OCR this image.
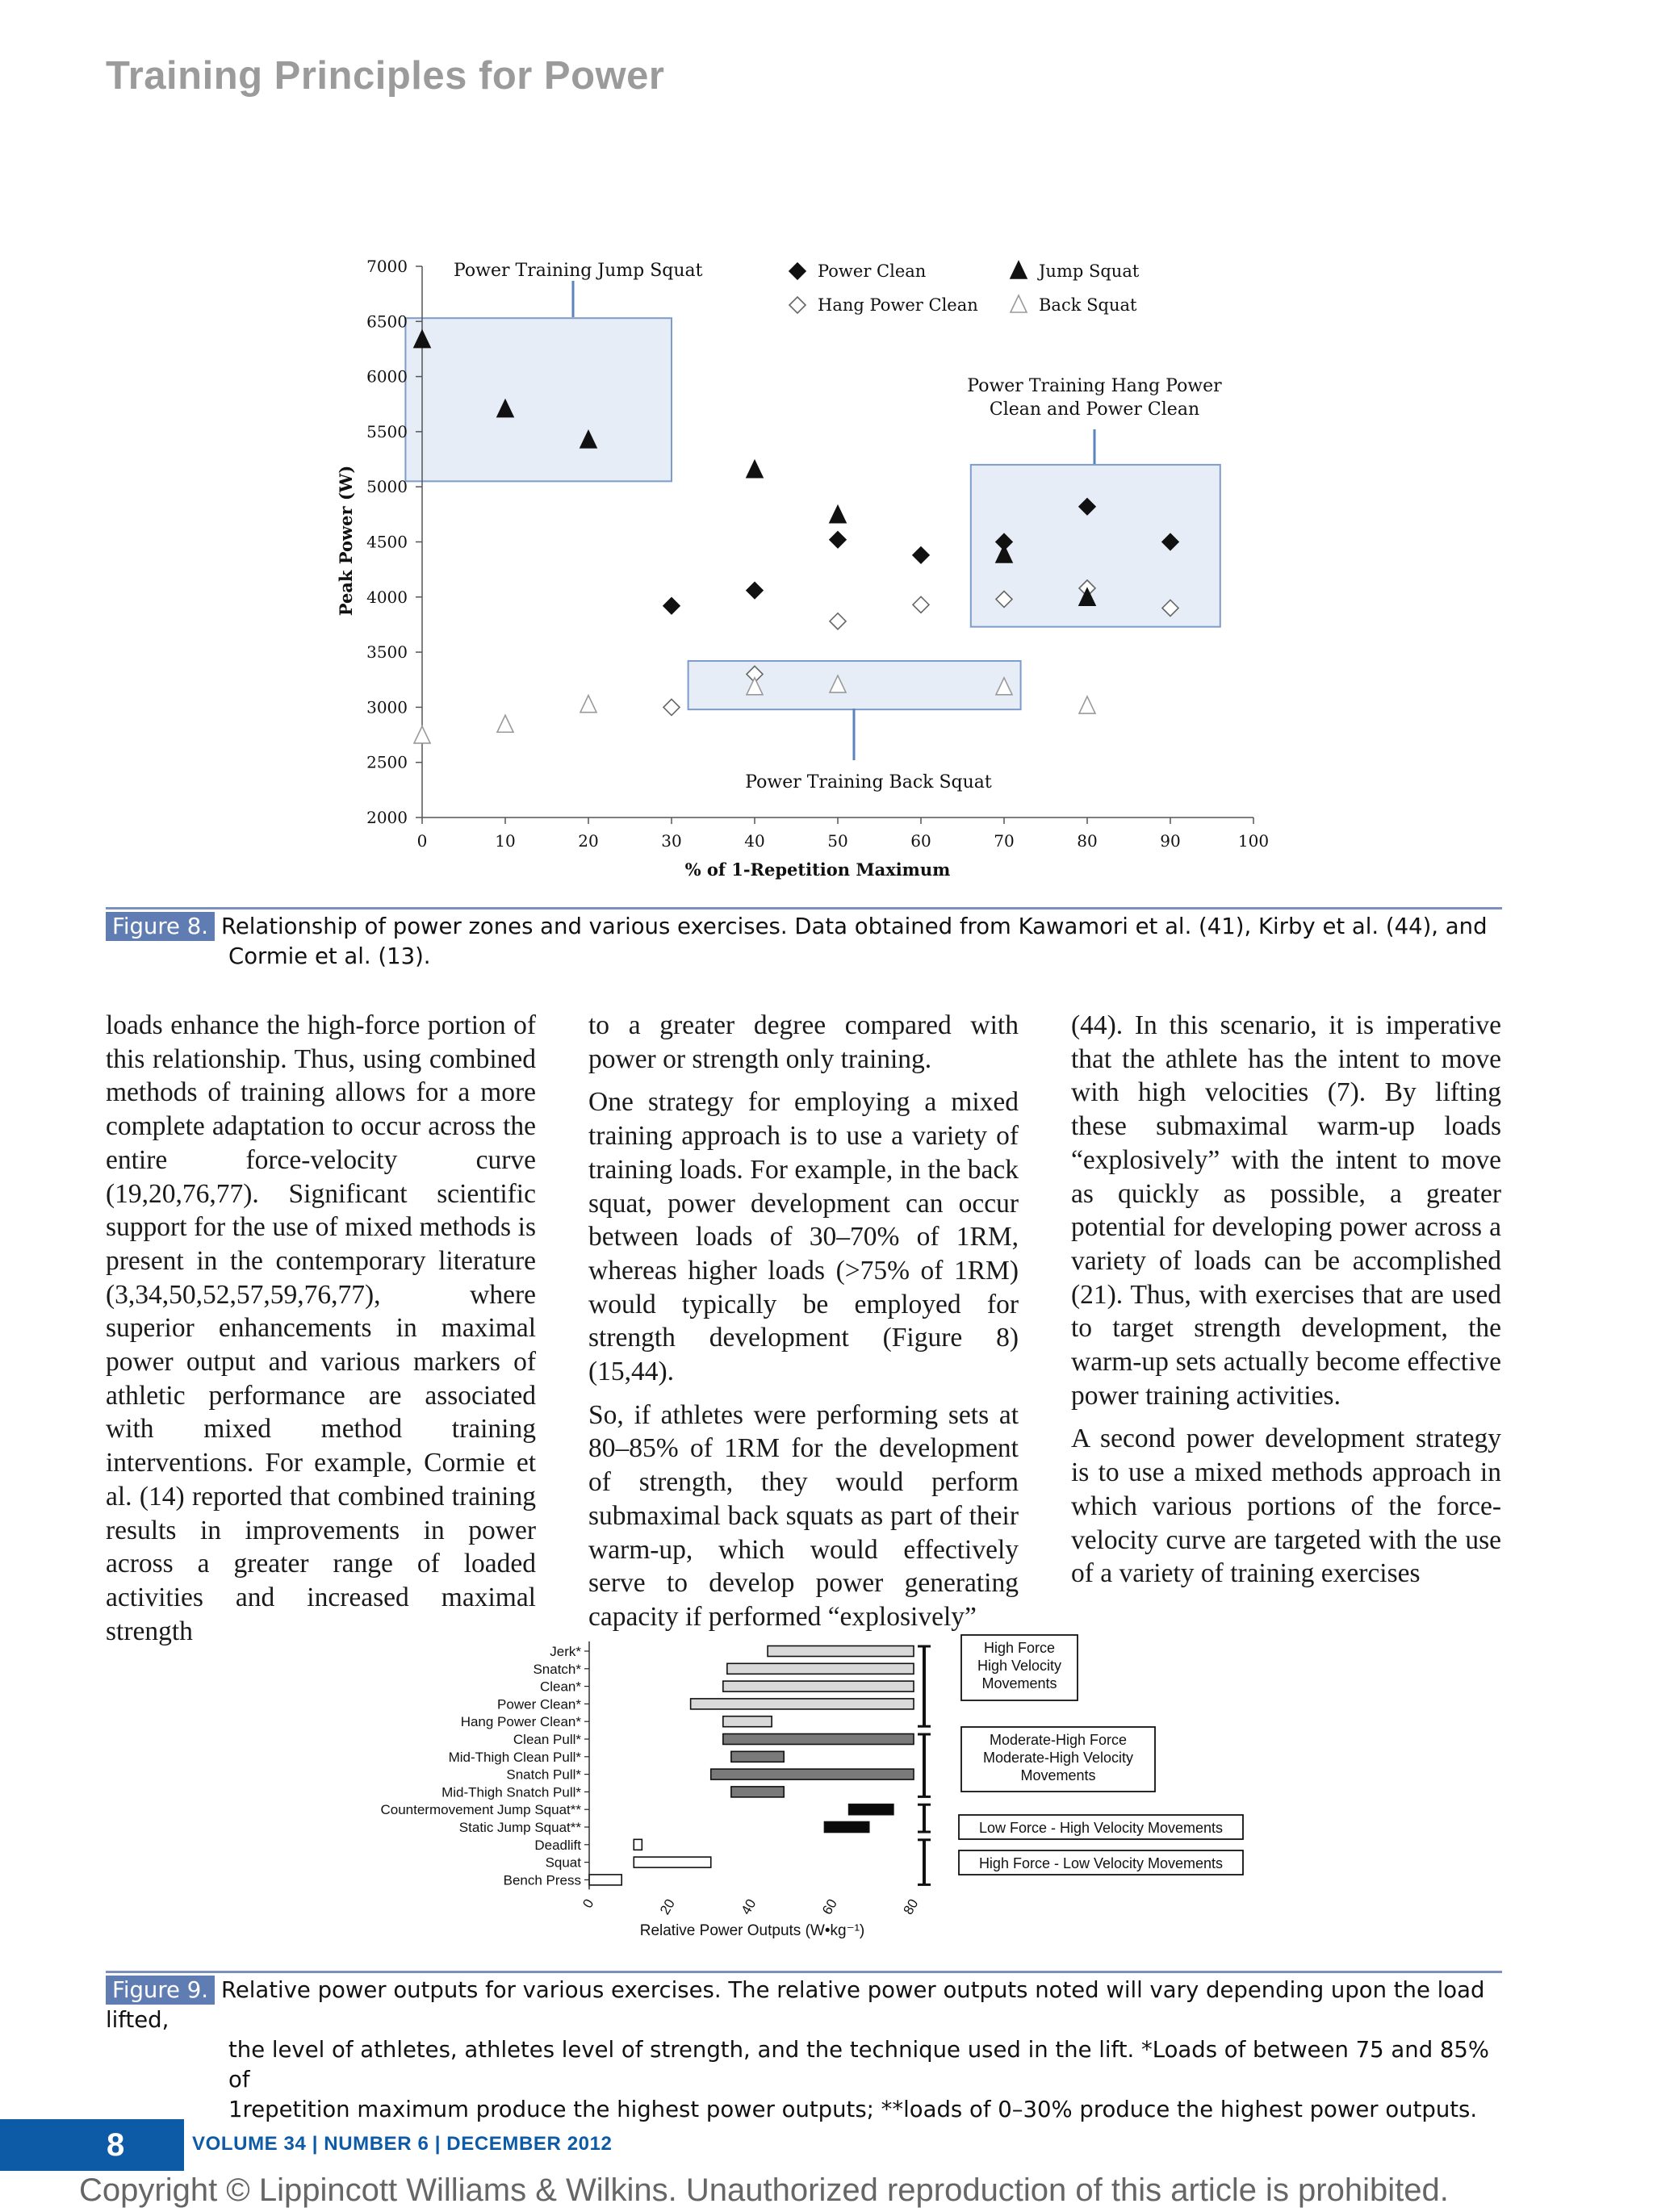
Training Principles for Power
2000
2500
3000
3500
4000
4500
5000
5500
6000
6500
7000
0	10	20	30	40	50	60	70	80	90	100
Power Clean
Hang Power Clean
Jump Squat
Back Squat
Power Training Jump Squat
Power Training Hang Power
Clean and Power Clean
Power Training Back Squat
Peak Power (W)
% of 1-Repetition Maximum
Figure 8. Relationship of power zones and various exercises. Data obtained from Kawamori et al. (41), Kirby et al. (44), and
Cormie et al. (13).

loads enhance the high-force portion of this relationship. Thus, using combined methods of training allows for a more complete adaptation to occur across the entire force-velocity curve (19,20,76,77). Significant scientific support for the use of mixed methods is present in the contemporary literature (3,34,50,52,57,59,76,77), where superior enhancements in maximal power output and various markers of athletic performance are associated with mixed method training interventions. For example, Cormie et al. (14) reported that combined training results in improvements in power across a greater range of loaded activities and increased maximal strength

to a greater degree compared with power or strength only training.

One strategy for employing a mixed training approach is to use a variety of training loads. For example, in the back squat, power development can occur between loads of 30–70% of 1RM, whereas higher loads (>75% of 1RM) would typically be employed for strength development (Figure 8) (15,44).

So, if athletes were performing sets at 80–85% of 1RM for the development of strength, they would perform submaximal back squats as part of their warm-up, which would effectively serve to develop power generating capacity if performed “explosively”

(44). In this scenario, it is imperative that the athlete has the intent to move with high velocities (7). By lifting these submaximal warm-up loads “explosively” with the intent to move as quickly as possible, a greater potential for developing power across a variety of loads can be accomplished (21). Thus, with exercises that are used to target strength development, the warm-up sets actually become effective power training activities.

A second power development strategy is to use a mixed methods approach in which various portions of the force-velocity curve are targeted with the use of a variety of training exercises

Jerk*
Snatch*
Clean*
Power Clean*
Hang Power Clean*
Clean Pull*
Mid-Thigh Clean Pull*
Snatch Pull*
Mid-Thigh Snatch Pull*
Countermovement Jump Squat**
Static Jump Squat**
Deadlift
Squat
Bench Press
0	20	40	60	80
High Force
High Velocity
Movements
Moderate-High Force
Moderate-High Velocity
Movements
Low Force - High Velocity Movements
High Force - Low Velocity Movements
Relative Power Outputs (W•kg⁻¹)
Figure 9. Relative power outputs for various exercises. The relative power outputs noted will vary depending upon the load lifted,
the level of athletes, athletes level of strength, and the technique used in the lift. *Loads of between 75 and 85% of
1repetition maximum produce the highest power outputs; **loads of 0–30% produce the highest power outputs.
8	VOLUME 34 | NUMBER 6 | DECEMBER 2012
Copyright © Lippincott Williams & Wilkins. Unauthorized reproduction of this article is prohibited.
